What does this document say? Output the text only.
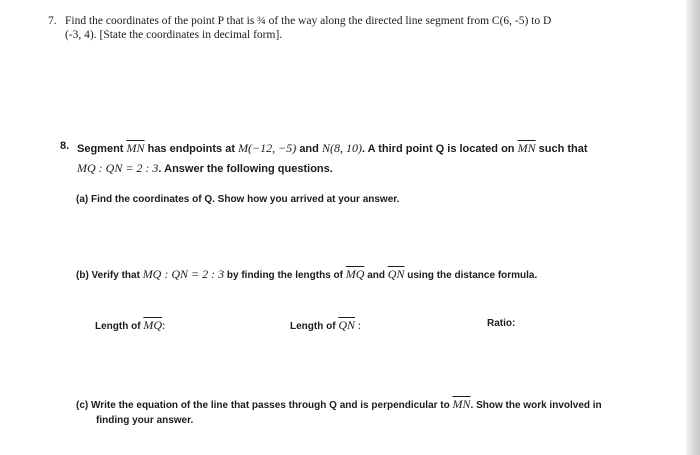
7. Find the coordinates of the point P that is ¾ of the way along the directed line segment from C(6, -5) to D
(-3, 4). [State the coordinates in decimal form].
8. Segment $\overline{MN}$ has endpoints at M(−12, −5) and N(8, 10). A third point Q is located on $\overline{MN}$ such that
MQ : QN = 2 : 3. Answer the following questions.
(a) Find the coordinates of Q. Show how you arrived at your answer.
(b) Verify that MQ : QN = 2 : 3 by finding the lengths of $\overline{MQ}$ and $\overline{QN}$ using the distance formula.
Length of $\overline{MQ}$:	Length of $\overline{QN}$ :	Ratio:
(c) Write the equation of the line that passes through Q and is perpendicular to $\overline{MN}$. Show the work involved in
finding your answer.
